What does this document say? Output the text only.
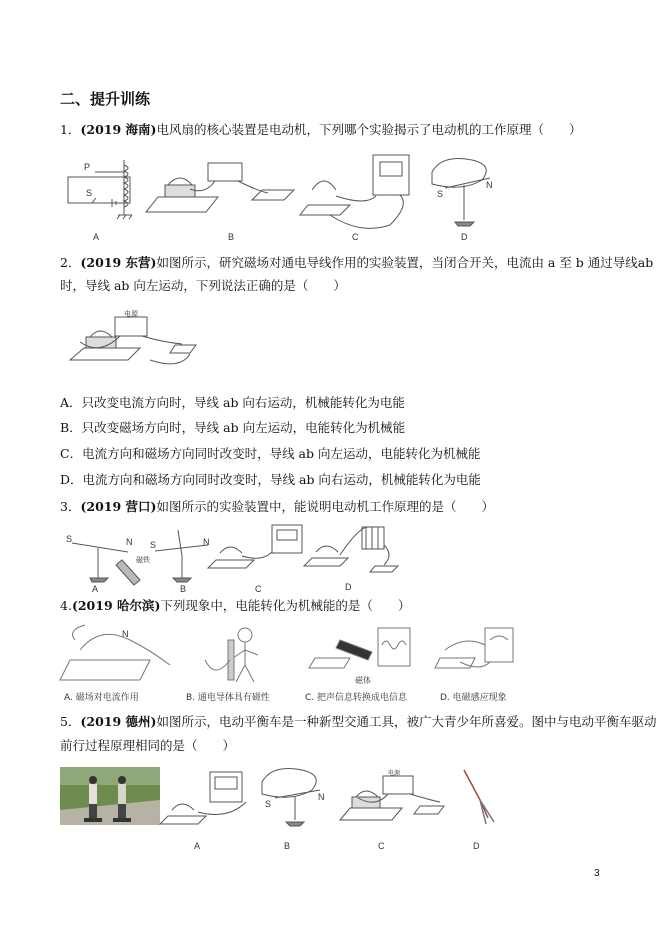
二、提升训练
1．(2019 海南)电风扇的核心装置是电动机，下列哪个实验揭示了电动机的工作原理（　　）
P
S
A	B	C
S
N
D
电源
S	N
磁铁
A
S	N
B	C	D
N
磁体
A
S
N
B
电源
C	D
2．(2019 东营)如图所示，研究磁场对通电导线作用的实验装置，当闭合开关，电流由 a 至 b 通过导线ab
时，导线 ab 向左运动，下列说法正确的是（　　）
A．只改变电流方向时，导线 ab 向右运动，机械能转化为电能
B．只改变磁场方向时，导线 ab 向左运动，电能转化为机械能
C．电流方向和磁场方向同时改变时，导线 ab 向左运动，电能转化为机械能
D．电流方向和磁场方向同时改变时，导线 ab 向右运动，机械能转化为电能
3．(2019 营口)如图所示的实验装置中，能说明电动机工作原理的是（　　）
4.(2019 哈尔滨)下列现象中，电能转化为机械能的是（　　）
A. 磁场对电流作用	B. 通电导体具有磁性	C. 把声信息转换成电信息	D. 电磁感应现象
5．(2019 德州)如图所示，电动平衡车是一种新型交通工具，被广大青少年所喜爱。图中与电动平衡车驱动
前行过程原理相同的是（　　）
3
